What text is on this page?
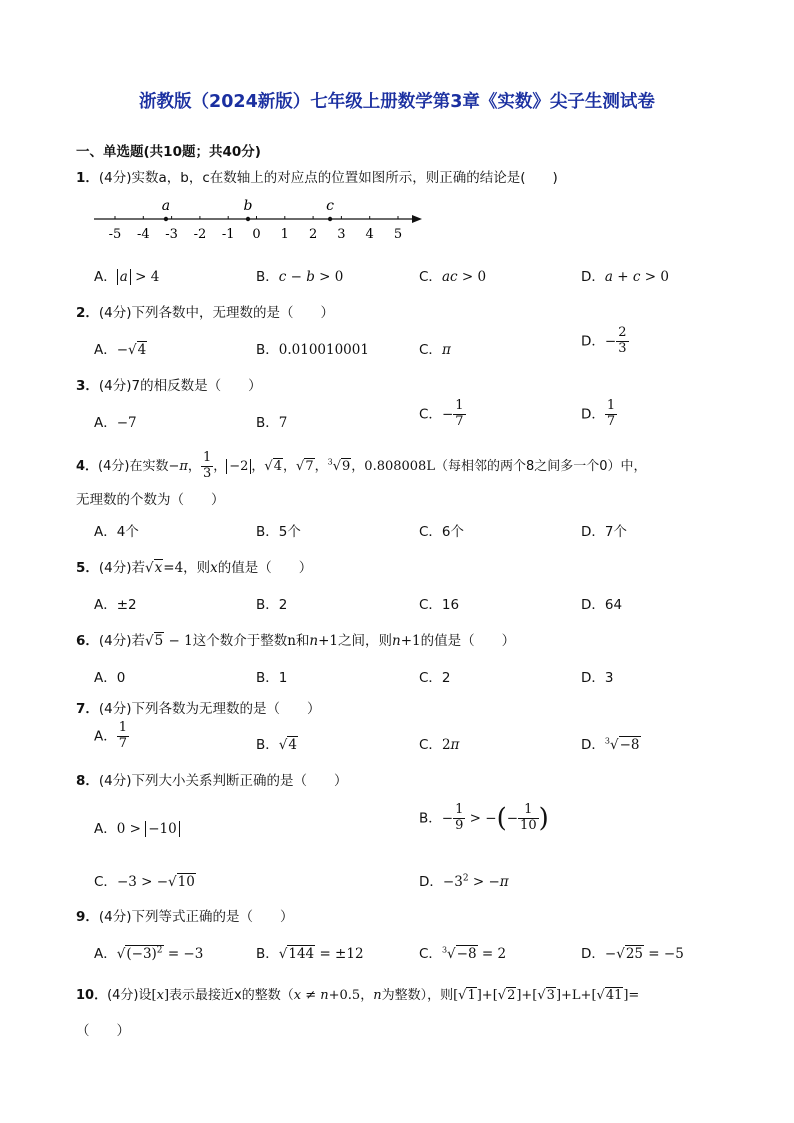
浙教版（2024新版）七年级上册数学第3章《实数》尖子生测试卷
一、单选题(共10题；共40分)
1．(4分)实数a，b，c在数轴上的对应点的位置如图所示，则正确的结论是(　　)
-5 -4 -3 -2 -1 0 1 2 3 4 5
a	b	c
A． a > 4	B．c − b > 0	C．ac > 0	D．a + c > 0
2．(4分)下列各数中，无理数的是（　　）
A．−√4	B．0.010010001	C．π
D．− $\frac{2}{3}$
3．(4分)7的相反数是（　　）
A．−7	B．7
C．− $\frac{1}{7}$	D． $\frac{1}{7}$
4．(4分)在实数−π， $\frac{1}{3}$ ， −2 ，√4，√7，$^3$√9，0.808008L（每相邻的两个8之间多一个0）中，
无理数的个数为（　　）
A．4个	B．5个	C．6个	D．7个
5．(4分)若√x=4，则x的值是（　　）
A．±2	B．2	C．16	D．64
6．(4分)若√5 − 1这个数介于整数n和n+1之间，则n+1的值是（　　）
A．0	B．1	C．2	D．3
7．(4分)下列各数为无理数的是（　　）
A． $\frac{1}{7}$	B．√4	C．2π	D．$^3$√−8
8．(4分)下列大小关系判断正确的是（　　）
A．0 > −10
B．− $\frac{1}{9}$ > −(− $\frac{1}{10}$ )
C．−3 > −√10	D．$-3^2 > -\pi$
9．(4分)下列等式正确的是（　　）
A．$√(-3)^2 = -3$	B．√144 = ±12	C．$^3$√−8 = 2	D．−√25 = −5
10．(4分)设[x]表示最接近x的整数（x ≠ n+0.5，n为整数），则[√1]+[√2]+[√3]+L+[√41]=
（　　）
